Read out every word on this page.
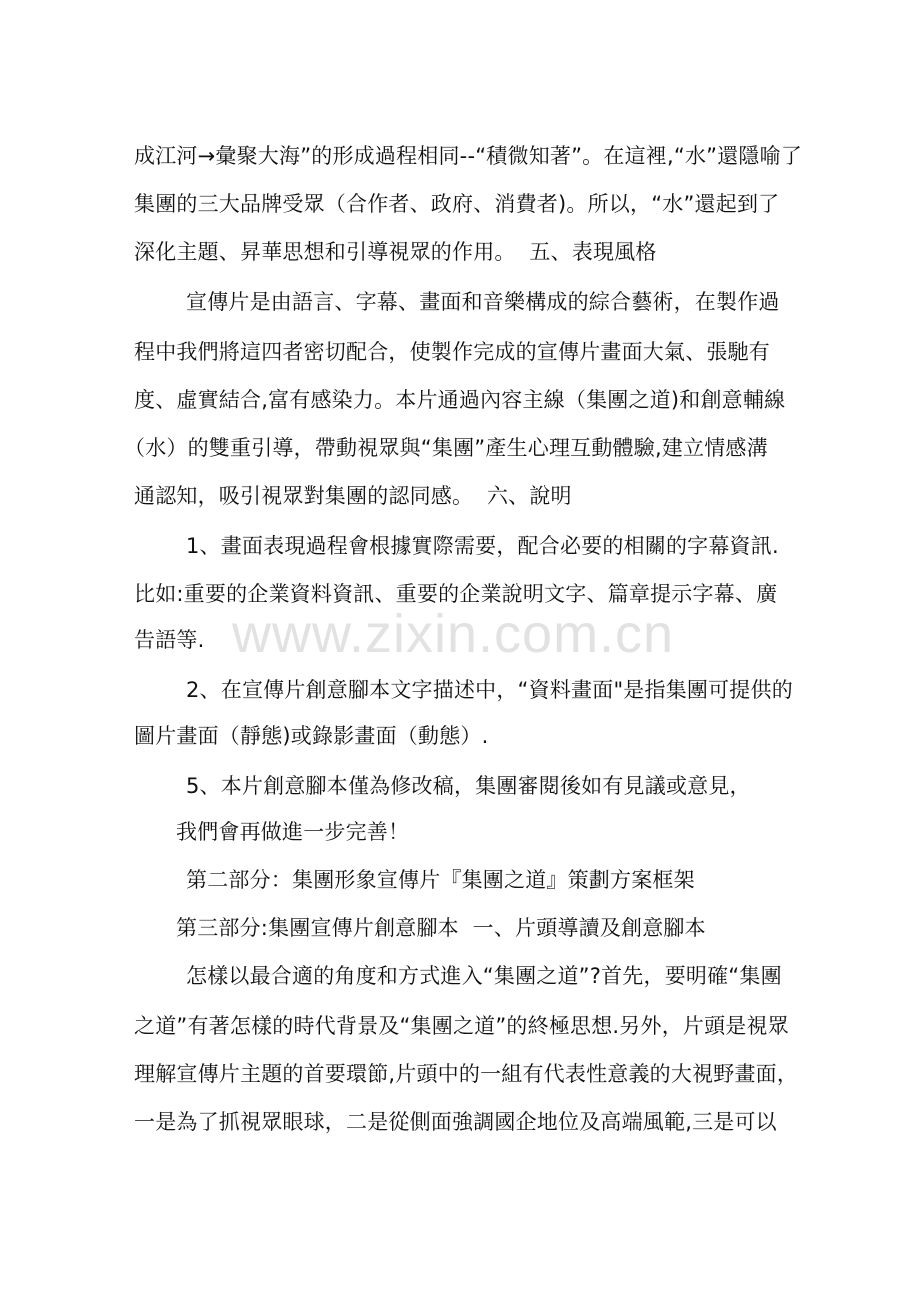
成江河→彙聚大海”的形成過程相同--“積微知著”。在這裡,“水”還隱喻了
集團的三大品牌受眾（合作者、政府、消費者)。所以，“水”還起到了
深化主題、昇華思想和引導視眾的作用。  五、表現風格
宣傳片是由語言、字幕、畫面和音樂構成的綜合藝術，在製作過
程中我們將這四者密切配合，使製作完成的宣傳片畫面大氣、張馳有
度、虛實結合,富有感染力。本片通過內容主線（集團之道)和創意輔線
（水）的雙重引導，帶動視眾與“集團”產生心理互動體驗,建立情感溝
通認知，吸引視眾對集團的認同感。  六、說明
1、畫面表現過程會根據實際需要，配合必要的相關的字幕資訊.
比如:重要的企業資料資訊、重要的企業說明文字、篇章提示字幕、廣
告語等.
2、在宣傳片創意腳本文字描述中，“資料畫面"是指集團可提供的
圖片畫面（靜態)或錄影畫面（動態）.
5、本片創意腳本僅為修改稿，集團審閱後如有見議或意見，
我們會再做進一步完善！
第二部分：集團形象宣傳片『集團之道』策劃方案框架
第三部分:集團宣傳片創意腳本  一、片頭導讀及創意腳本
怎樣以最合適的角度和方式進入“集團之道”?首先，要明確“集團
之道”有著怎樣的時代背景及“集團之道”的終極思想.另外，片頭是視眾
理解宣傳片主題的首要環節,片頭中的一組有代表性意義的大視野畫面，
一是為了抓視眾眼球，二是從側面強調國企地位及高端風範,三是可以
www.zixin.com.cn
